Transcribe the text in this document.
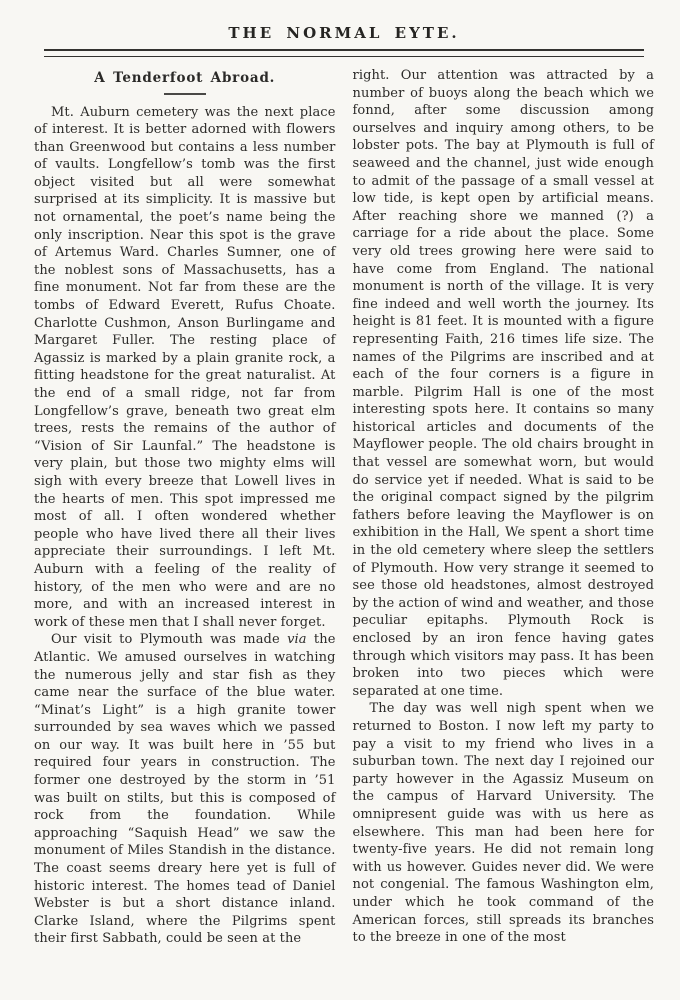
THE NORMAL EYTE.
A Tenderfoot Abroad.

Mt. Auburn cemetery was the next place of interest. It is better adorned with flowers than Greenwood but contains a less number of vaults. Longfellow’s tomb was the first object visited but all were somewhat surprised at its simplicity. It is massive but not ornamental, the poet’s name being the only inscription. Near this spot is the grave of Artemus Ward. Charles Sumner, one of the noblest sons of Massachusetts, has a fine monument. Not far from these are the tombs of Edward Everett, Rufus Choate. Charlotte Cushmon, Anson Burlingame and Margaret Fuller. The resting place of Agassiz is marked by a plain granite rock, a fitting headstone for the great naturalist. At the end of a small ridge, not far from Longfellow’s grave, beneath two great elm trees, rests the remains of the author of “Vision of Sir Launfal.” The headstone is very plain, but those two mighty elms will sigh with every breeze that Lowell lives in the hearts of men. This spot impressed me most of all. I often wondered whether people who have lived there all their lives appreciate their surroundings. I left Mt. Auburn with a feeling of the reality of history, of the men who were and are no more, and with an increased interest in work of these men that I shall never forget.

Our visit to Plymouth was made via the Atlantic. We amused ourselves in watching the numerous jelly and star fish as they came near the surface of the blue water. “Minat’s Light” is a high granite tower surrounded by sea waves which we passed on our way. It was built here in ’55 but required four years in construction. The former one destroyed by the storm in ’51 was built on stilts, but this is composed of rock from the foundation. While approaching “Saquish Head” we saw the monument of Miles Standish in the distance. The coast seems dreary here yet is full of historic interest. The homes tead of Daniel Webster is but a short distance inland. Clarke Island, where the Pilgrims spent their first Sabbath, could be seen at the

right. Our attention was attracted by a number of buoys along the beach which we fonnd, after some discussion among ourselves and inquiry among others, to be lobster pots. The bay at Plymouth is full of seaweed and the channel, just wide enough to admit of the passage of a small vessel at low tide, is kept open by artificial means. After reaching shore we manned (?) a carriage for a ride about the place. Some very old trees growing here were said to have come from England. The national monument is north of the village. It is very fine indeed and well worth the journey. Its height is 81 feet. It is mounted with a figure representing Faith, 216 times life size. The names of the Pilgrims are inscribed and at each of the four corners is a figure in marble. Pilgrim Hall is one of the most interesting spots here. It contains so many historical articles and documents of the Mayflower people. The old chairs brought in that vessel are somewhat worn, but would do service yet if needed. What is said to be the original compact signed by the pilgrim fathers before leaving the Mayflower is on exhibition in the Hall, We spent a short time in the old cemetery where sleep the settlers of Plymouth. How very strange it seemed to see those old headstones, almost destroyed by the action of wind and weather, and those peculiar epitaphs. Plymouth Rock is enclosed by an iron fence having gates through which visitors may pass. It has been broken into two pieces which were separated at one time.

The day was well nigh spent when we returned to Boston. I now left my party to pay a visit to my friend who lives in a suburban town. The next day I rejoined our party however in the Agassiz Museum on the campus of Harvard University. The omnipresent guide was with us here as elsewhere. This man had been here for twenty-five years. He did not remain long with us however. Guides never did. We were not congenial. The famous Washington elm, under which he took command of the American forces, still spreads its branches to the breeze in one of the most
